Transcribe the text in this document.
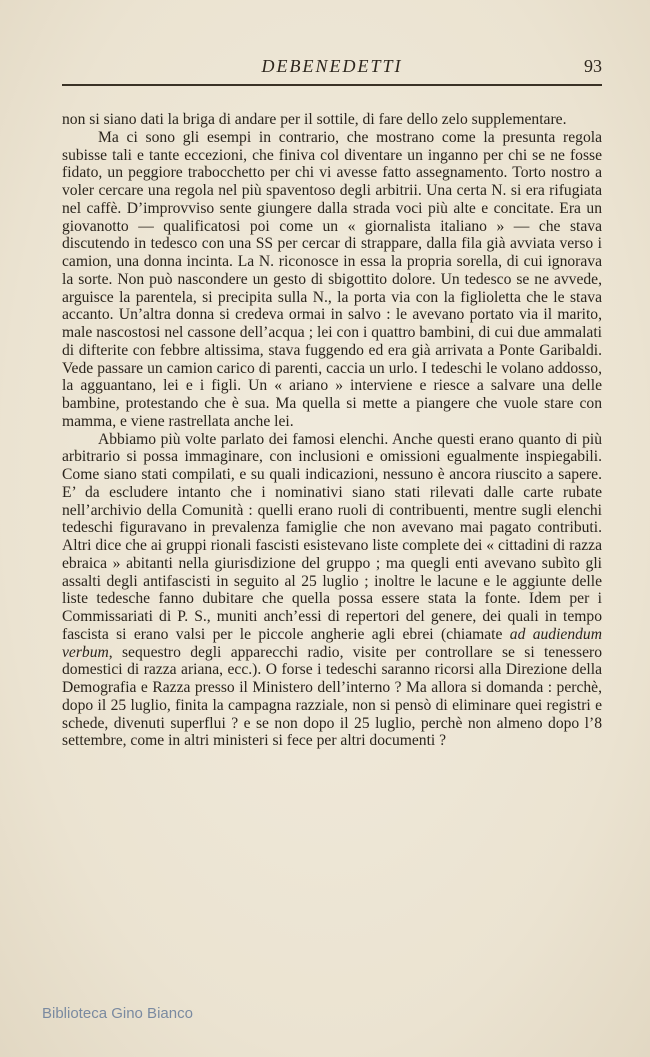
DEBENEDETTI	93

non si siano dati la briga di andare per il sottile, di fare dello zelo supplementare.

Ma ci sono gli esempi in contrario, che mostrano come la presunta regola subisse tali e tante eccezioni, che finiva col diventare un inganno per chi se ne fosse fidato, un peggiore trabocchetto per chi vi avesse fatto assegnamento. Torto nostro a voler cercare una regola nel più spaventoso degli arbitrii. Una certa N. si era rifugiata nel caffè. D’improvviso sente giungere dalla strada voci più alte e concitate. Era un giovanotto — qualificatosi poi come un « giornalista italiano » — che stava discutendo in tedesco con una SS per cercar di strappare, dalla fila già avviata verso i camion, una donna incinta. La N. riconosce in essa la propria sorella, di cui ignorava la sorte. Non può nascondere un gesto di sbigottito dolore. Un tedesco se ne avvede, arguisce la parentela, si precipita sulla N., la porta via con la figlioletta che le stava accanto. Un’altra donna si credeva ormai in salvo : le avevano portato via il marito, male nascostosi nel cassone dell’acqua ; lei con i quattro bambini, di cui due ammalati di difterite con febbre altissima, stava fuggendo ed era già arrivata a Ponte Garibaldi. Vede passare un camion carico di parenti, caccia un urlo. I tedeschi le volano addosso, la agguantano, lei e i figli. Un « ariano » interviene e riesce a salvare una delle bambine, protestando che è sua. Ma quella si mette a piangere che vuole stare con mamma, e viene rastrellata anche lei.

Abbiamo più volte parlato dei famosi elenchi. Anche questi erano quanto di più arbitrario si possa immaginare, con inclusioni e omissioni egualmente inspiegabili. Come siano stati compilati, e su quali indicazioni, nessuno è ancora riuscito a sapere. E’ da escludere intanto che i nominativi siano stati rilevati dalle carte rubate nell’archivio della Comunità : quelli erano ruoli di contribuenti, mentre sugli elenchi tedeschi figuravano in prevalenza famiglie che non avevano mai pagato contributi. Altri dice che ai gruppi rionali fascisti esistevano liste complete dei « cittadini di razza ebraica » abitanti nella giurisdizione del gruppo ; ma quegli enti avevano subìto gli assalti degli antifascisti in seguito al 25 luglio ; inoltre le lacune e le aggiunte delle liste tedesche fanno dubitare che quella possa essere stata la fonte. Idem per i Commissariati di P. S., muniti anch’essi di repertori del genere, dei quali in tempo fascista si erano valsi per le piccole angherie agli ebrei (chiamate ad audiendum verbum, sequestro degli apparecchi radio, visite per controllare se si tenessero domestici di razza ariana, ecc.). O forse i tedeschi saranno ricorsi alla Direzione della Demografia e Razza presso il Ministero dell’interno ? Ma allora si domanda : perchè, dopo il 25 luglio, finita la campagna razziale, non si pensò di eliminare quei registri e schede, divenuti superflui ? e se non dopo il 25 luglio, perchè non almeno dopo l’8 settembre, come in altri ministeri si fece per altri documenti ?

Biblioteca Gino Bianco
